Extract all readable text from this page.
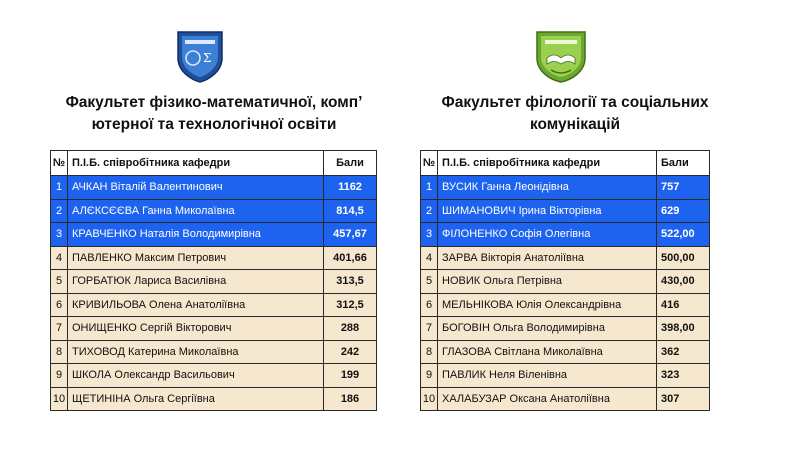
Σ
Факультет фізико-математичної, комп’
ютерної та технологічної освіти
№	П.І.Б. співробітника кафедри	Бали
1	АЧКАН Віталій Валентинович	1162
2	АЛЄКСЄЄВА Ганна Миколаївна	814,5
3	КРАВЧЕНКО Наталія Володимирівна	457,67
4	ПАВЛЕНКО Максим Петрович	401,66
5	ГОРБАТЮК Лариса Василівна	313,5
6	КРИВИЛЬОВА Олена Анатоліївна	312,5
7	ОНИЩЕНКО Сергій Вікторович	288
8	ТИХОВОД Катерина Миколаївна	242
9	ШКОЛА Олександр Васильович	199
10	ЩЕТИНІНА Ольга Сергіївна	186
Факультет філології та соціальних
комунікацій
№	П.І.Б. співробітника кафедри	Бали
1	ВУСИК Ганна Леонідівна	757
2	ШИМАНОВИЧ Ірина Вікторівна	629
3	ФІЛОНЕНКО Софія Олегівна	522,00
4	ЗАРВА Вікторія Анатоліївна	500,00
5	НОВИК Ольга Петрівна	430,00
6	МЕЛЬНІКОВА Юлія Олександрівна	416
7	БОГОВІН Ольга Володимирівна	398,00
8	ГЛАЗОВА Світлана Миколаївна	362
9	ПАВЛИК Неля Віленівна	323
10	ХАЛАБУЗАР Оксана Анатоліївна	307
